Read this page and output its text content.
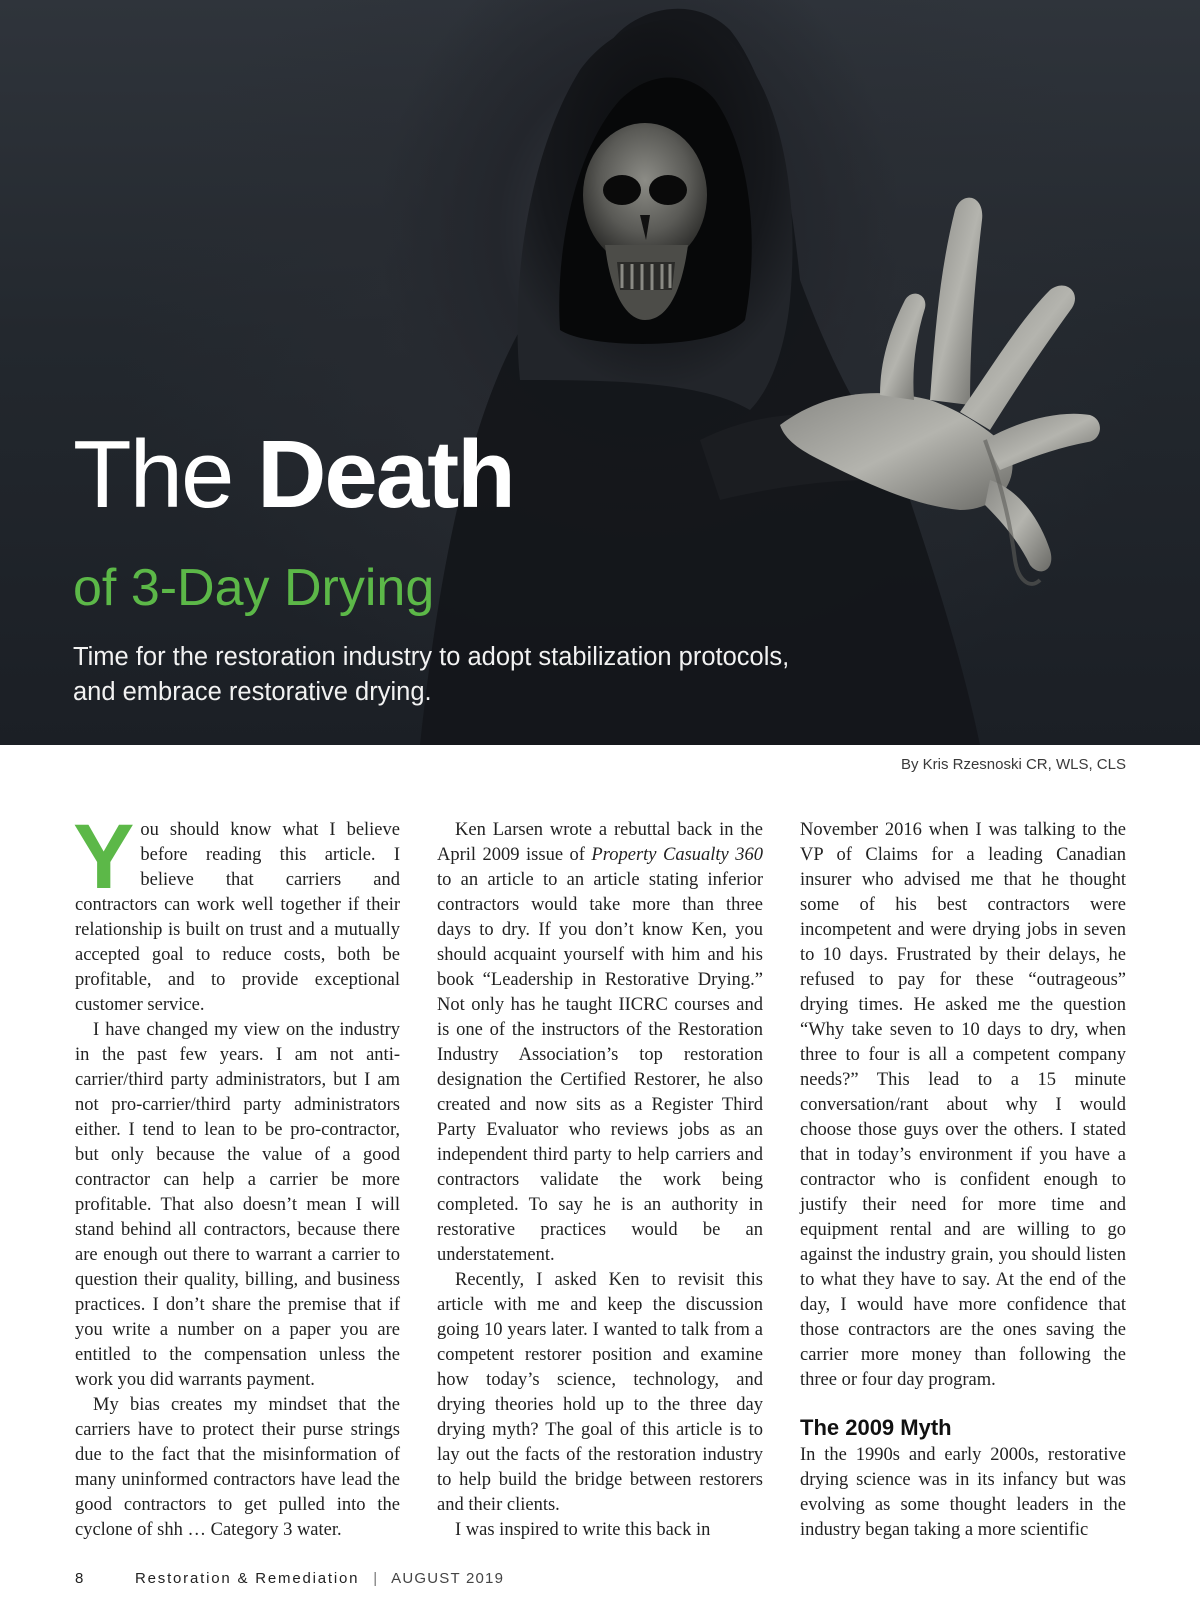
The Death
of 3-Day Drying

Time for the restoration industry to adopt stabilization protocols, and embrace restorative drying.

By Kris Rzesnoski CR, WLS, CLS

You should know what I believe before reading this article. I believe that carriers and contractors can work well together if their relationship is built on trust and a mutually accepted goal to reduce costs, both be profitable, and to provide exceptional customer service.

I have changed my view on the industry in the past few years. I am not anti-carrier/third party administrators, but I am not pro-carrier/third party administrators either. I tend to lean to be pro-contractor, but only because the value of a good contractor can help a carrier be more profitable. That also doesn’t mean I will stand behind all contractors, because there are enough out there to warrant a carrier to question their quality, billing, and business practices. I don’t share the premise that if you write a number on a paper you are entitled to the compensation unless the work you did warrants payment.

My bias creates my mindset that the carriers have to protect their purse strings due to the fact that the misinformation of many uninformed contractors have lead the good contractors to get pulled into the cyclone of shh … Category 3 water.

Ken Larsen wrote a rebuttal back in the April 2009 issue of Property Casualty 360 to an article to an article stating inferior contractors would take more than three days to dry. If you don’t know Ken, you should acquaint yourself with him and his book “Leadership in Restorative Drying.” Not only has he taught IICRC courses and is one of the instructors of the Restoration Industry Association’s top restoration designation the Certified Restorer, he also created and now sits as a Register Third Party Evaluator who reviews jobs as an independent third party to help carriers and contractors validate the work being completed. To say he is an authority in restorative practices would be an understatement.

Recently, I asked Ken to revisit this article with me and keep the discussion going 10 years later. I wanted to talk from a competent restorer position and examine how today’s science, technology, and drying theories hold up to the three day drying myth? The goal of this article is to lay out the facts of the restoration industry to help build the bridge between restorers and their clients.

I was inspired to write this back in

November 2016 when I was talking to the VP of Claims for a leading Canadian insurer who advised me that he thought some of his best contractors were incompetent and were drying jobs in seven to 10 days. Frustrated by their delays, he refused to pay for these “outrageous” drying times. He asked me the question “Why take seven to 10 days to dry, when three to four is all a competent company needs?” This lead to a 15 minute conversation/rant about why I would choose those guys over the others. I stated that in today’s environment if you have a contractor who is confident enough to justify their need for more time and equipment rental and are willing to go against the industry grain, you should listen to what they have to say. At the end of the day, I would have more confidence that those contractors are the ones saving the carrier more money than following the three or four day program.

The 2009 Myth

In the 1990s and early 2000s, restorative drying science was in its infancy but was evolving as some thought leaders in the industry began taking a more scientific

8	Restoration & Remediation | AUGUST 2019
